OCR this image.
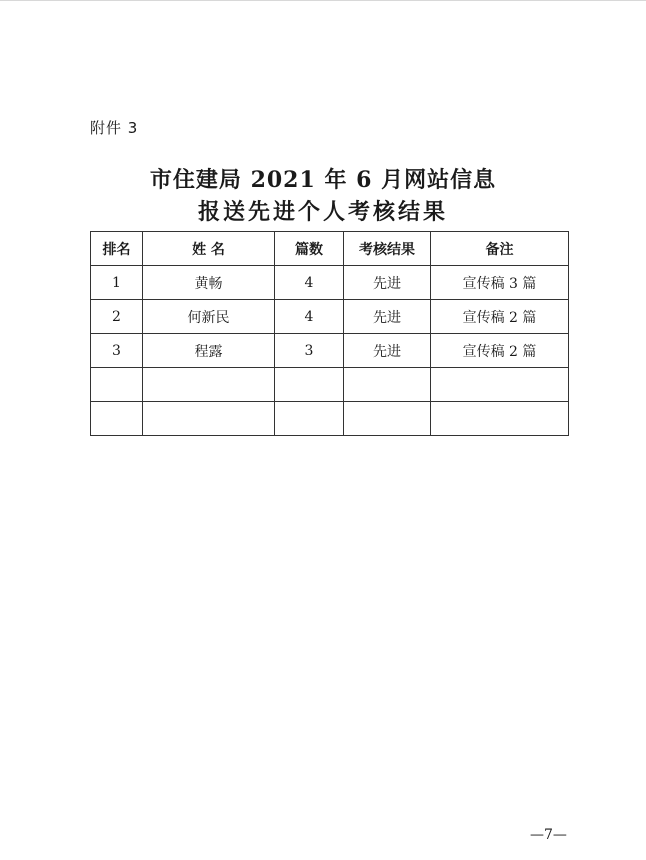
附件 3
市住建局 2021 年 6 月网站信息
报送先进个人考核结果
排名	姓 名	篇数	考核结果	备注
1	黄畅	4	先进	宣传稿 3 篇
2	何新民	4	先进	宣传稿 2 篇
3	程露	3	先进	宣传稿 2 篇

—7—
